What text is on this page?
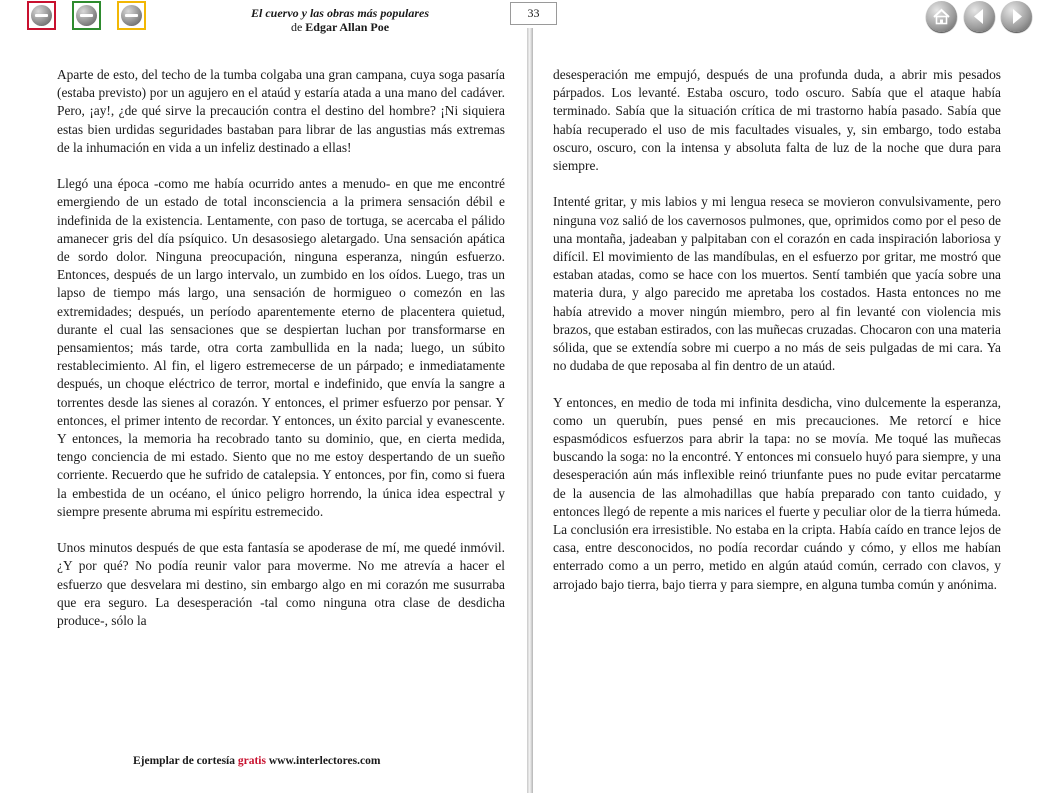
El cuervo y las obras más populares
de Edgar Allan Poe
33

Aparte de esto, del techo de la tumba colgaba una gran campana, cuya soga pasaría (estaba previsto) por un agujero en el ataúd y estaría atada a una mano del cadáver. Pero, ¡ay!, ¿de qué sirve la precaución contra el destino del hombre? ¡Ni siquiera estas bien urdidas seguridades bastaban para librar de las angustias más extremas de la inhumación en vida a un infeliz destinado a ellas!

Llegó una época -como me había ocurrido antes a menudo- en que me encontré emergiendo de un estado de total inconsciencia a la primera sensación débil e indefinida de la existencia. Lentamente, con paso de tortuga, se acercaba el pálido amanecer gris del día psíquico. Un desasosiego aletargado. Una sensación apática de sordo dolor. Ninguna preocupación, ninguna esperanza, ningún esfuerzo. Entonces, después de un largo intervalo, un zumbido en los oídos. Luego, tras un lapso de tiempo más largo, una sensación de hormigueo o comezón en las extremidades; después, un período aparentemente eterno de placentera quietud, durante el cual las sensaciones que se despiertan luchan por transformarse en pensamientos; más tarde, otra corta zambullida en la nada; luego, un súbito restablecimiento. Al fin, el ligero estremecerse de un párpado; e inmediatamente después, un choque eléctrico de terror, mortal e indefinido, que envía la sangre a torrentes desde las sienes al corazón. Y entonces, el primer esfuerzo por pensar. Y entonces, el primer intento de recordar. Y entonces, un éxito parcial y evanescente. Y entonces, la memoria ha recobrado tanto su dominio, que, en cierta medida, tengo conciencia de mi estado. Siento que no me estoy despertando de un sueño corriente. Recuerdo que he sufrido de catalepsia. Y entonces, por fin, como si fuera la embestida de un océano, el único peligro horrendo, la única idea espectral y siempre presente abruma mi espíritu estremecido.

Unos minutos después de que esta fantasía se apoderase de mí, me quedé inmóvil. ¿Y por qué? No podía reunir valor para moverme. No me atrevía a hacer el esfuerzo que desvelara mi destino, sin embargo algo en mi corazón me susurraba que era seguro. La desesperación -tal como ninguna otra clase de desdicha produce-, sólo la

desesperación me empujó, después de una profunda duda, a abrir mis pesados párpados. Los levanté. Estaba oscuro, todo oscuro. Sabía que el ataque había terminado. Sabía que la situación crítica de mi trastorno había pasado. Sabía que había recuperado el uso de mis facultades visuales, y, sin embargo, todo estaba oscuro, oscuro, con la intensa y absoluta falta de luz de la noche que dura para siempre.

Intenté gritar, y mis labios y mi lengua reseca se movieron convulsivamente, pero ninguna voz salió de los cavernosos pulmones, que, oprimidos como por el peso de una montaña, jadeaban y palpitaban con el corazón en cada inspiración laboriosa y difícil. El movimiento de las mandíbulas, en el esfuerzo por gritar, me mostró que estaban atadas, como se hace con los muertos. Sentí también que yacía sobre una materia dura, y algo parecido me apretaba los costados. Hasta entonces no me había atrevido a mover ningún miembro, pero al fin levanté con violencia mis brazos, que estaban estirados, con las muñecas cruzadas. Chocaron con una materia sólida, que se extendía sobre mi cuerpo a no más de seis pulgadas de mi cara. Ya no dudaba de que reposaba al fin dentro de un ataúd.

Y entonces, en medio de toda mi infinita desdicha, vino dulcemente la esperanza, como un querubín, pues pensé en mis precauciones. Me retorcí e hice espasmódicos esfuerzos para abrir la tapa: no se movía. Me toqué las muñecas buscando la soga: no la encontré. Y entonces mi consuelo huyó para siempre, y una desesperación aún más inflexible reinó triunfante pues no pude evitar percatarme de la ausencia de las almohadillas que había preparado con tanto cuidado, y entonces llegó de repente a mis narices el fuerte y peculiar olor de la tierra húmeda. La conclusión era irresistible. No estaba en la cripta. Había caído en trance lejos de casa, entre desconocidos, no podía recordar cuándo y cómo, y ellos me habían enterrado como a un perro, metido en algún ataúd común, cerrado con clavos, y arrojado bajo tierra, bajo tierra y para siempre, en alguna tumba común y anónima.

Ejemplar de cortesía gratis www.interlectores.com
